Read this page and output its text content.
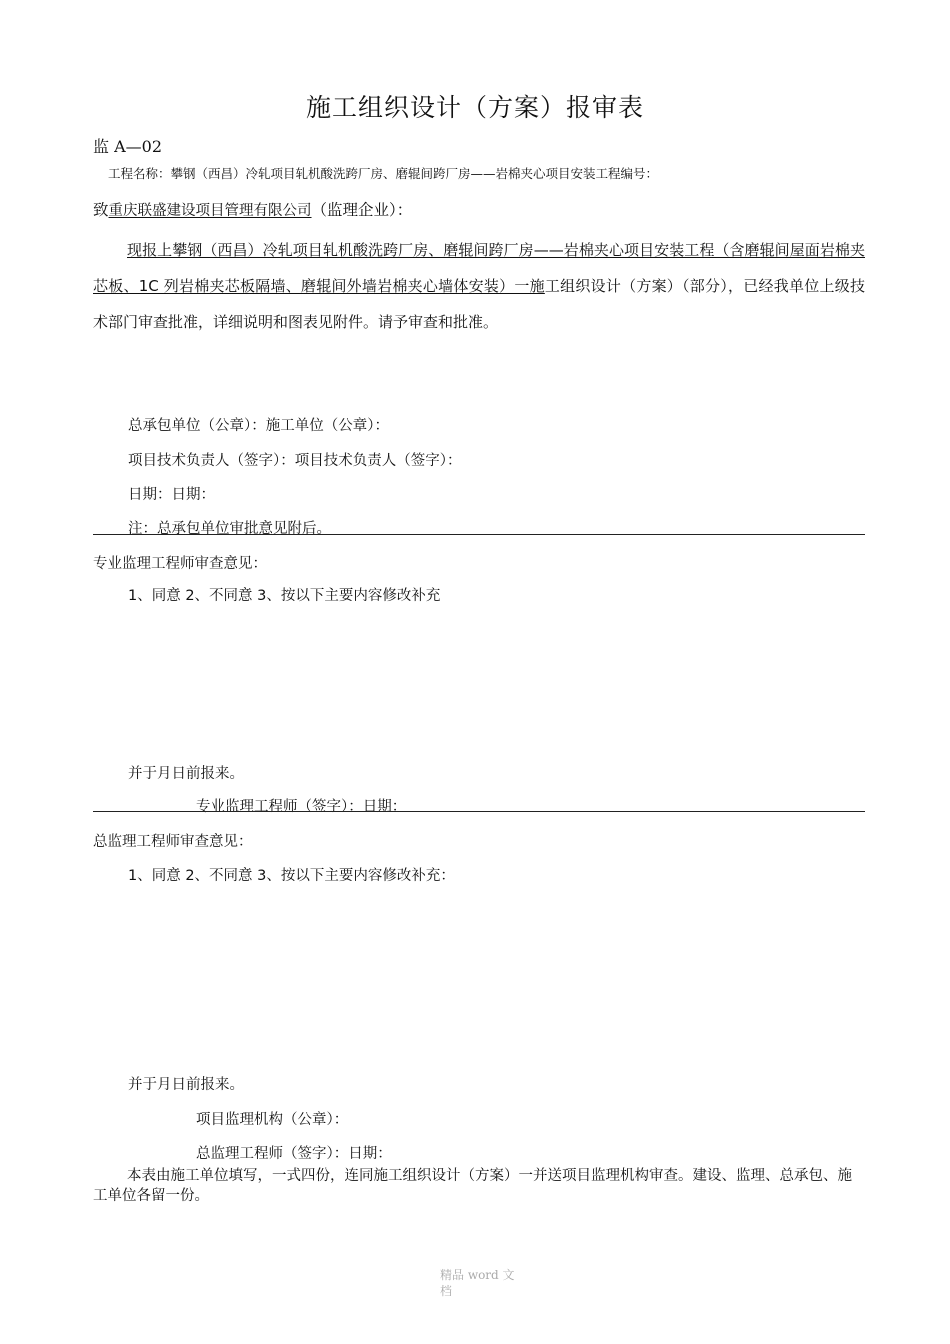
施工组织设计（方案）报审表
监 A—02
工程名称：攀钢（西昌）冷轧项目轧机酸洗跨厂房、磨辊间跨厂房——岩棉夹心项目安装工程编号：
致重庆联盛建设项目管理有限公司（监理企业）：
现报上攀钢（西昌）冷轧项目轧机酸洗跨厂房、磨辊间跨厂房——岩棉夹心项目安装工程（含磨辊间屋面岩棉夹芯板、1C 列岩棉夹芯板隔墙、磨辊间外墙岩棉夹心墙体安装）一施工组织设计（方案）（部分），已经我单位上级技术部门审查批准，详细说明和图表见附件。请予审查和批准。
总承包单位（公章）：施工单位（公章）：
项目技术负责人（签字）：项目技术负责人（签字）：
日期：日期：
注：总承包单位审批意见附后。
专业监理工程师审查意见：
1、同意 2、不同意 3、按以下主要内容修改补充
并于月日前报来。
专业监理工程师（签字）：日期：
总监理工程师审查意见：
1、同意 2、不同意 3、按以下主要内容修改补充：
并于月日前报来。
项目监理机构（公章）：
总监理工程师（签字）：日期：
本表由施工单位填写，一式四份，连同施工组织设计（方案）一并送项目监理机构审查。建设、监理、总承包、施工单位各留一份。
精品 word 文档
